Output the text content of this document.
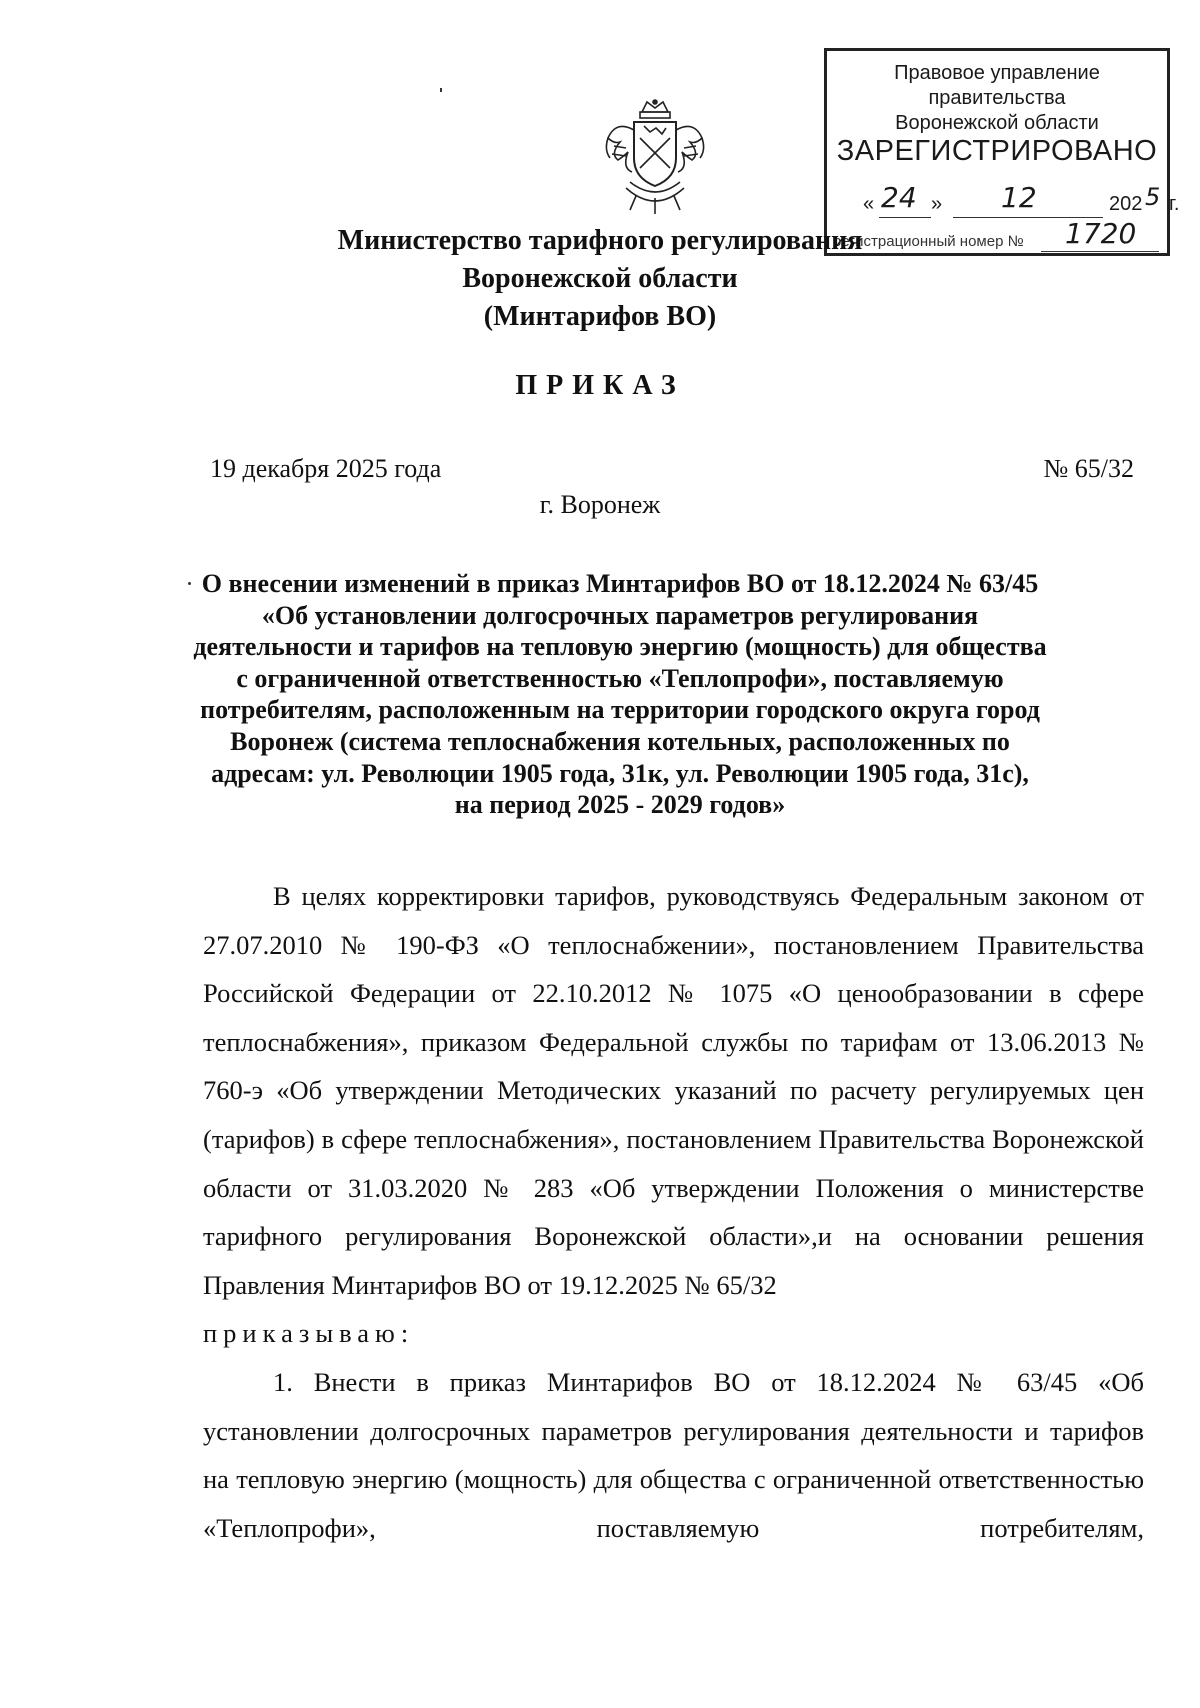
Правовое управление правительства
Воронежской области
ЗАРЕГИСТРИРОВАНО
« 24 » 12	202 5 г.
регистрационный номер № 1720
Министерство тарифного регулирования
Воронежской области
(Минтарифов ВО)
ПРИКАЗ
19 декабря 2025 года	№ 65/32
г. Воронеж
О внесении изменений в приказ Минтарифов ВО от 18.12.2024 № 63/45
«Об установлении долгосрочных параметров регулирования
деятельности и тарифов на тепловую энергию (мощность) для общества
с ограниченной ответственностью «Теплопрофи», поставляемую
потребителям, расположенным на территории городского округа город
Воронеж (система теплоснабжения котельных, расположенных по
адресам: ул. Революции 1905 года, 31к, ул. Революции 1905 года, 31с),
на период 2025 - 2029 годов»

В целях корректировки тарифов, руководствуясь Федеральным законом от 27.07.2010 № 190-ФЗ «О теплоснабжении», постановлением Правительства Российской Федерации от 22.10.2012 № 1075 «О ценообразовании в сфере теплоснабжения», приказом Федеральной службы по тарифам от 13.06.2013 № 760-э «Об утверждении Методических указаний по расчету регулируемых цен (тарифов) в сфере теплоснабжения», постановлением Правительства Воронежской области от 31.03.2020 № 283 «Об утверждении Положения о министерстве тарифного регулирования Воронежской области»,и на основании решения Правления Минтарифов ВО от 19.12.2025 № 65/32

приказываю:

1. Внести в приказ Минтарифов ВО от 18.12.2024 № 63/45 «Об установлении долгосрочных параметров регулирования деятельности и тарифов на тепловую энергию (мощность) для общества с ограниченной ответственностью «Теплопрофи», поставляемую потребителям,
